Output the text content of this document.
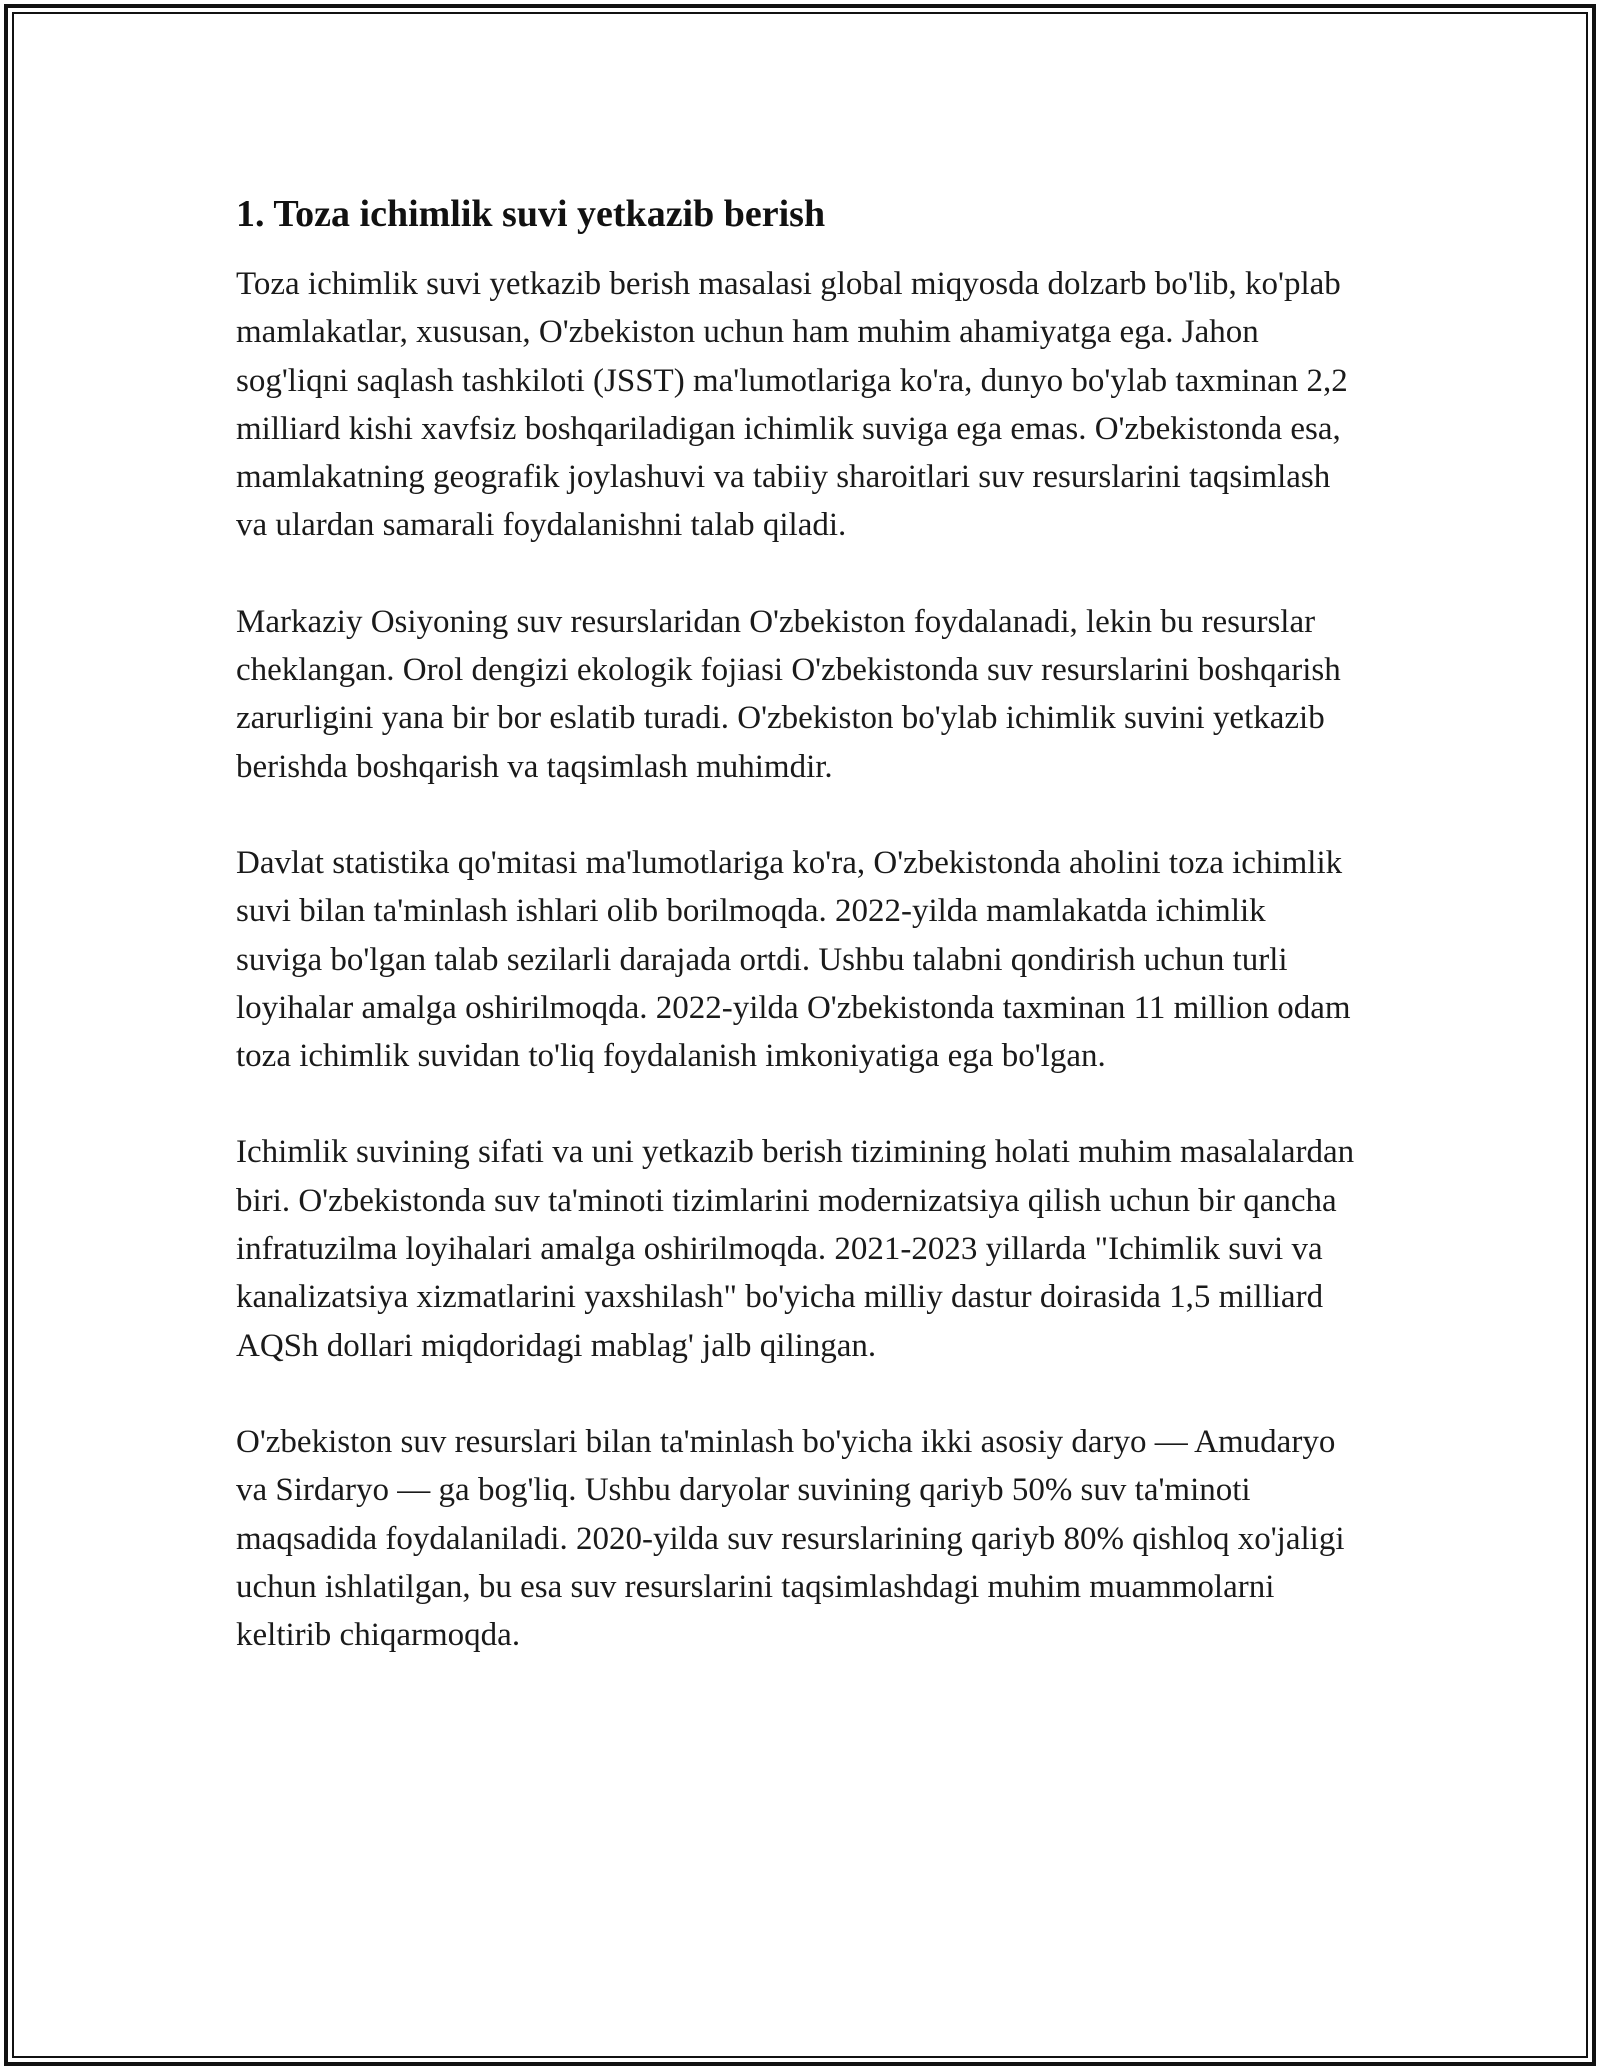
1. Toza ichimlik suvi yetkazib berish

Toza ichimlik suvi yetkazib berish masalasi global miqyosda dolzarb bo'lib, ko'plab mamlakatlar, xususan, O'zbekiston uchun ham muhim ahamiyatga ega. Jahon sog'liqni saqlash tashkiloti (JSST) ma'lumotlariga ko'ra, dunyo bo'ylab taxminan 2,2 milliard kishi xavfsiz boshqariladigan ichimlik suviga ega emas. O'zbekistonda esa, mamlakatning geografik joylashuvi va tabiiy sharoitlari suv resurslarini taqsimlash va ulardan samarali foydalanishni talab qiladi.

Markaziy Osiyoning suv resurslaridan O'zbekiston foydalanadi, lekin bu resurslar cheklangan. Orol dengizi ekologik fojiasi O'zbekistonda suv resurslarini boshqarish zarurligini yana bir bor eslatib turadi. O'zbekiston bo'ylab ichimlik suvini yetkazib berishda boshqarish va taqsimlash muhimdir.

Davlat statistika qo'mitasi ma'lumotlariga ko'ra, O'zbekistonda aholini toza ichimlik suvi bilan ta'minlash ishlari olib borilmoqda. 2022-yilda mamlakatda ichimlik suviga bo'lgan talab sezilarli darajada ortdi. Ushbu talabni qondirish uchun turli loyihalar amalga oshirilmoqda. 2022-yilda O'zbekistonda taxminan 11 million odam toza ichimlik suvidan to'liq foydalanish imkoniyatiga ega bo'lgan.

Ichimlik suvining sifati va uni yetkazib berish tizimining holati muhim masalalardan biri. O'zbekistonda suv ta'minoti tizimlarini modernizatsiya qilish uchun bir qancha infratuzilma loyihalari amalga oshirilmoqda. 2021-2023 yillarda "Ichimlik suvi va kanalizatsiya xizmatlarini yaxshilash" bo'yicha milliy dastur doirasida 1,5 milliard AQSh dollari miqdoridagi mablag' jalb qilingan.

O'zbekiston suv resurslari bilan ta'minlash bo'yicha ikki asosiy daryo — Amudaryo va Sirdaryo — ga bog'liq. Ushbu daryolar suvining qariyb 50% suv ta'minoti maqsadida foydalaniladi. 2020-yilda suv resurslarining qariyb 80% qishloq xo'jaligi uchun ishlatilgan, bu esa suv resurslarini taqsimlashdagi muhim muammolarni keltirib chiqarmoqda.
